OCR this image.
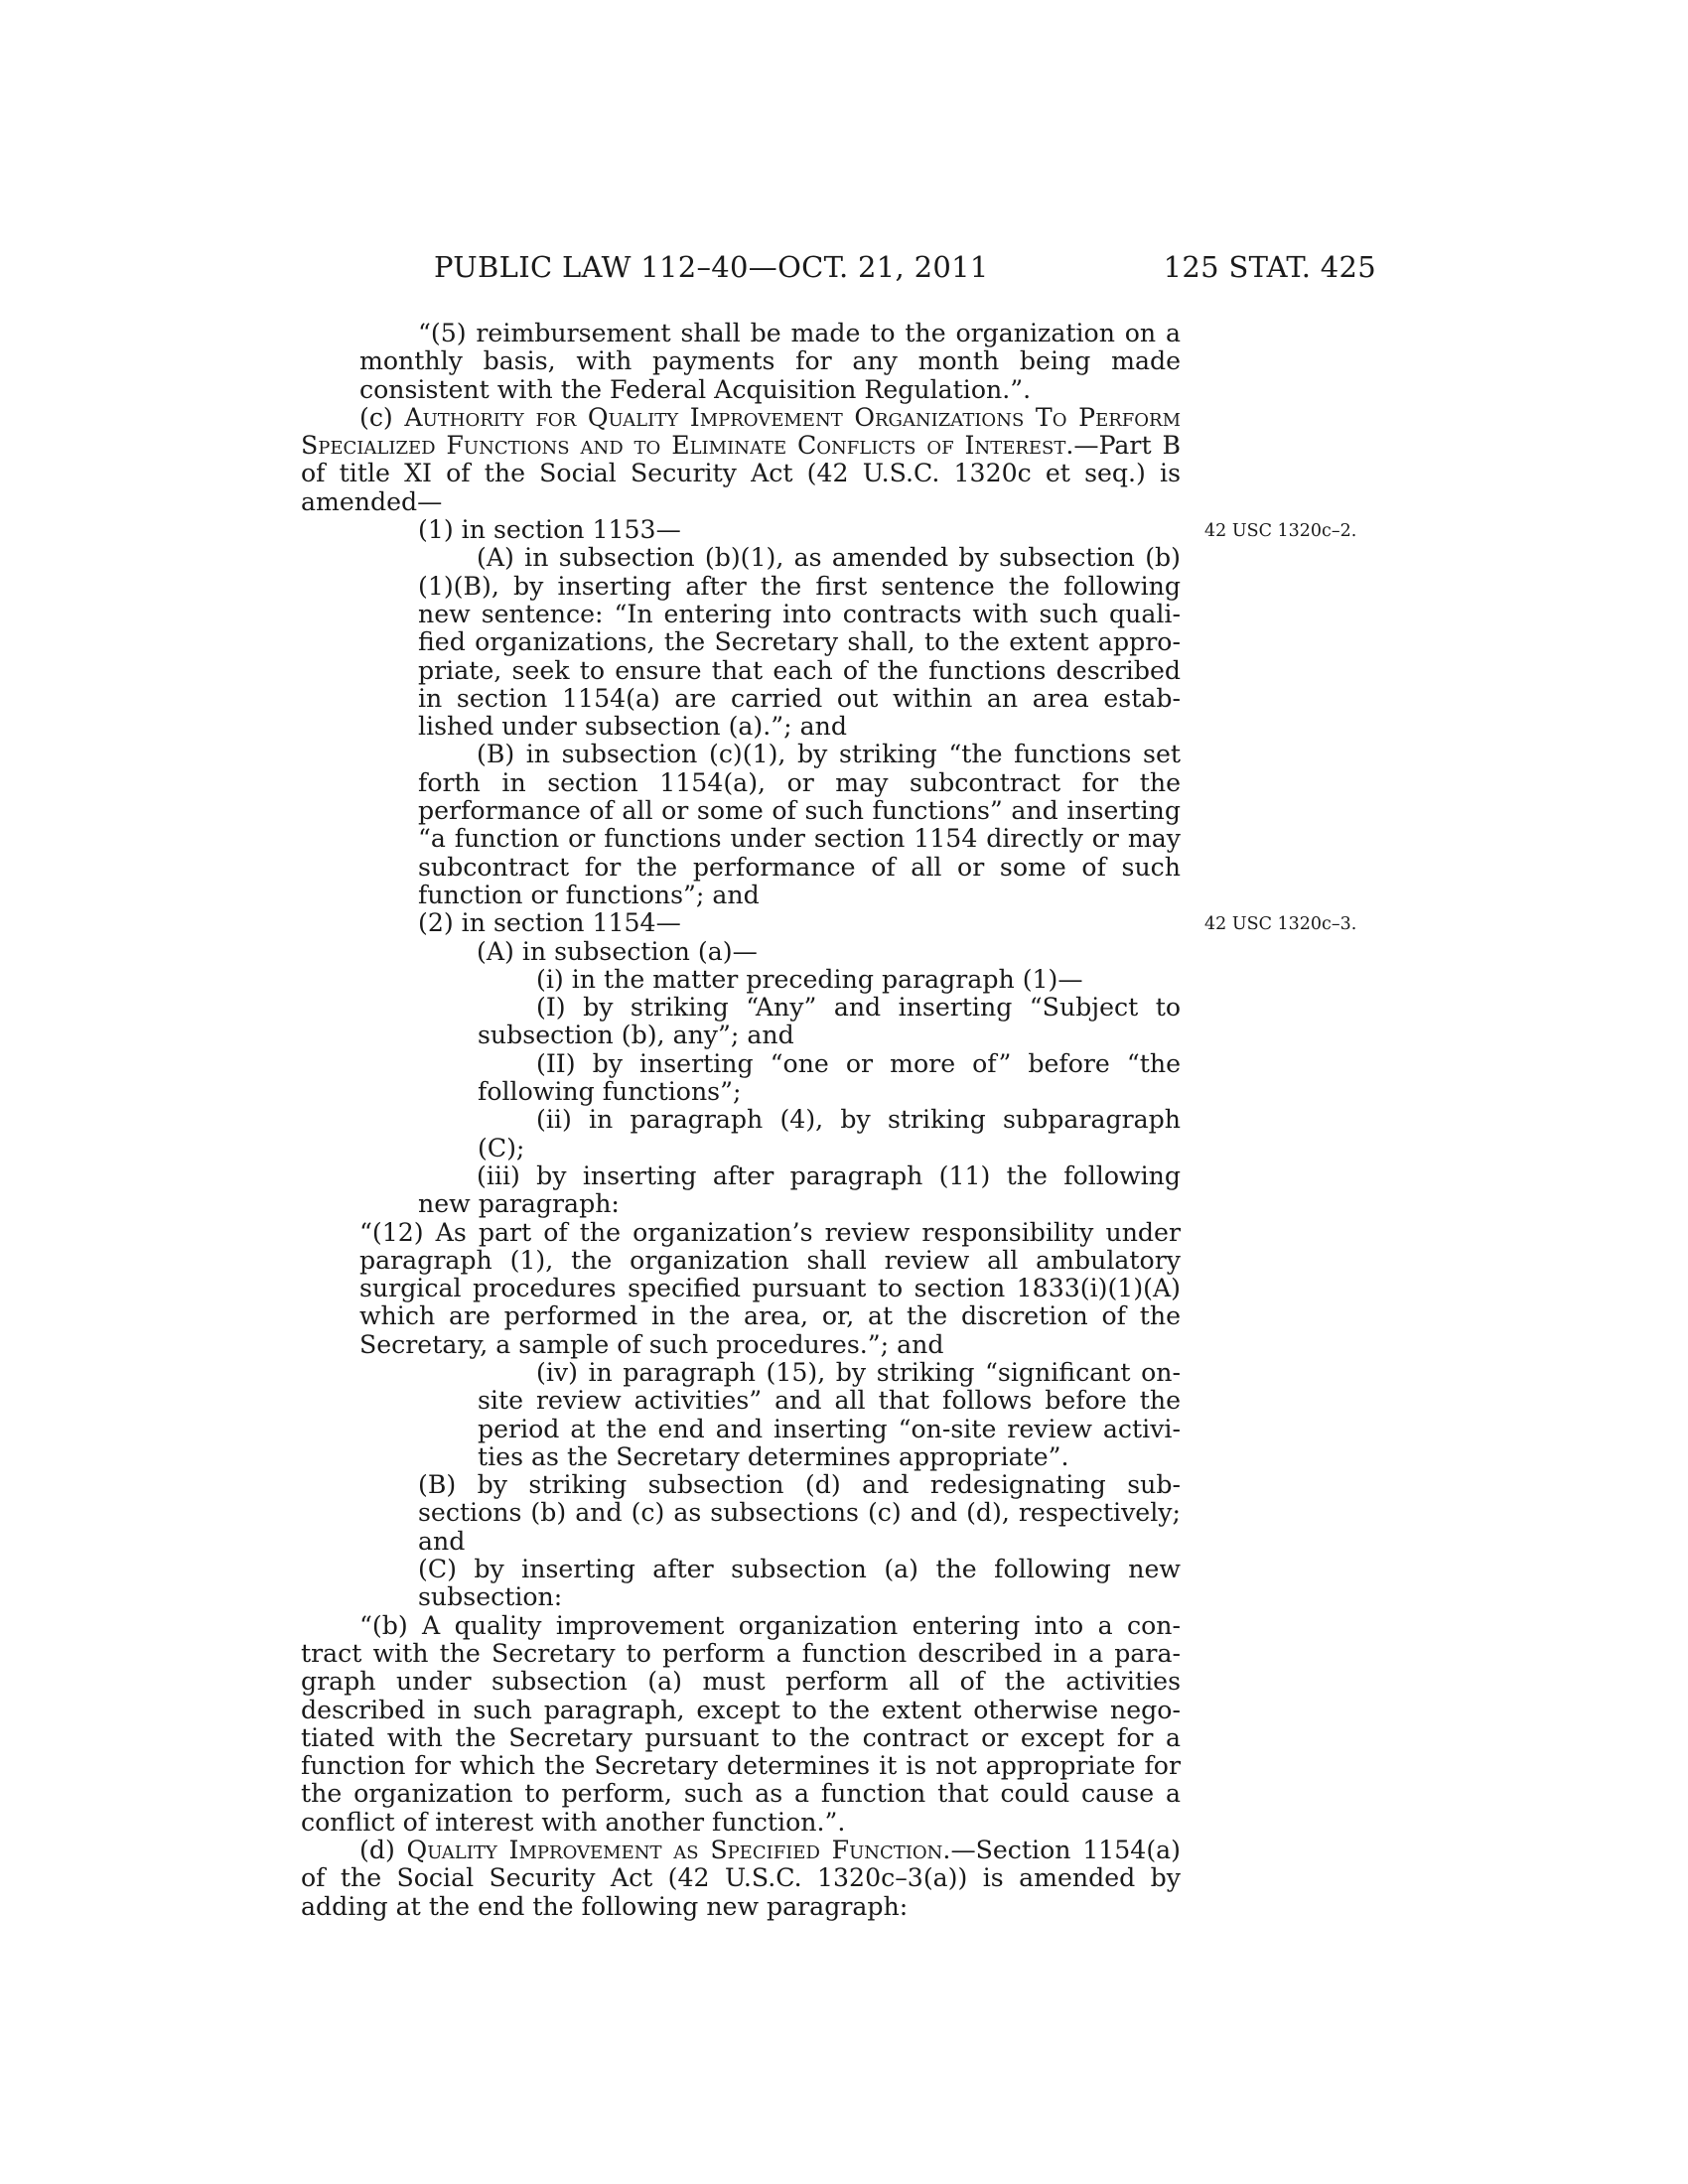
PUBLIC LAW 112–40—OCT. 21, 2011	125 STAT. 425
42 USC 1320c–2.
42 USC 1320c–3.

“(5) reimbursement shall be made to the organization on a monthly basis, with payments for any month being made consistent with the Federal Acquisition Regulation.”.

(c) Authority for Quality Improvement Organizations To Perform Specialized Functions and to Eliminate Conflicts of Interest.—Part B of title XI of the Social Security Act (42 U.S.C. 1320c et seq.) is amended—

(1) in section 1153—

(A) in subsection (b)(1), as amended by subsection (b)(1)(B), by inserting after the first sentence the following new sentence: “In entering into contracts with such qualified organizations, the Secretary shall, to the extent appropriate, seek to ensure that each of the functions described in section 1154(a) are carried out within an area established under subsection (a).”; and

(B) in subsection (c)(1), by striking “the functions set forth in section 1154(a), or may subcontract for the performance of all or some of such functions” and inserting “a function or functions under section 1154 directly or may subcontract for the performance of all or some of such function or functions”; and

(2) in section 1154—

(A) in subsection (a)—

(i) in the matter preceding paragraph (1)—

(I) by striking “Any” and inserting “Subject to subsection (b), any”; and

(II) by inserting “one or more of” before “the following functions”;

(ii) in paragraph (4), by striking subparagraph (C);

(iii) by inserting after paragraph (11) the following new paragraph:

“(12) As part of the organization’s review responsibility under paragraph (1), the organization shall review all ambulatory surgical procedures specified pursuant to section 1833(i)(1)(A) which are performed in the area, or, at the discretion of the Secretary, a sample of such procedures.”; and

(iv) in paragraph (15), by striking “significant onsite review activities” and all that follows before the period at the end and inserting “on-site review activities as the Secretary determines appropriate”.

(B) by striking subsection (d) and redesignating subsections (b) and (c) as subsections (c) and (d), respectively; and

(C) by inserting after subsection (a) the following new subsection:

“(b) A quality improvement organization entering into a contract with the Secretary to perform a function described in a paragraph under subsection (a) must perform all of the activities described in such paragraph, except to the extent otherwise negotiated with the Secretary pursuant to the contract or except for a function for which the Secretary determines it is not appropriate for the organization to perform, such as a function that could cause a conflict of interest with another function.”.

(d) Quality Improvement as Specified Function.—Section 1154(a) of the Social Security Act (42 U.S.C. 1320c–3(a)) is amended by adding at the end the following new paragraph:
